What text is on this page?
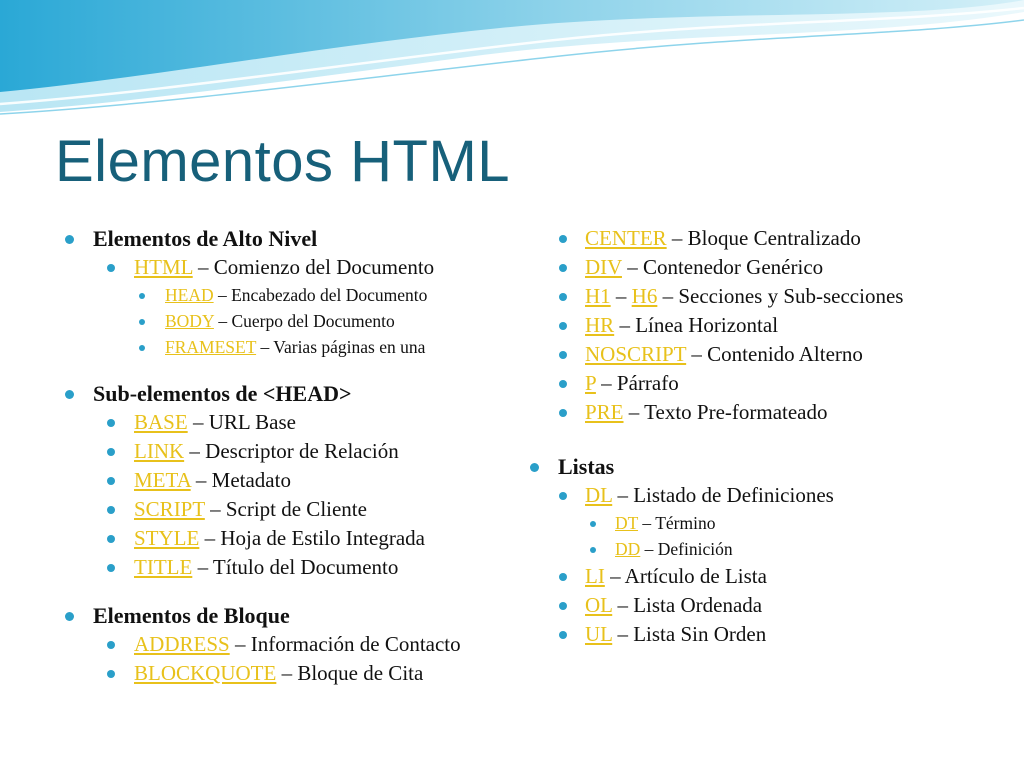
Elementos HTML
Elementos de Alto Nivel
HTML – Comienzo del Documento
HEAD – Encabezado del Documento
BODY – Cuerpo del Documento
FRAMESET – Varias páginas en una
Sub-elementos de <HEAD>
BASE – URL Base
LINK – Descriptor de Relación
META – Metadato
SCRIPT – Script de Cliente
STYLE – Hoja de Estilo Integrada
TITLE – Título del Documento
Elementos de Bloque
ADDRESS – Información de Contacto
BLOCKQUOTE – Bloque de Cita
CENTER – Bloque Centralizado
DIV – Contenedor Genérico
H1 – H6 – Secciones y Sub-secciones
HR – Línea Horizontal
NOSCRIPT – Contenido Alterno
P – Párrafo
PRE – Texto Pre-formateado
Listas
DL – Listado de Definiciones
DT – Término
DD – Definición
LI – Artículo de Lista
OL – Lista Ordenada
UL – Lista Sin Orden
